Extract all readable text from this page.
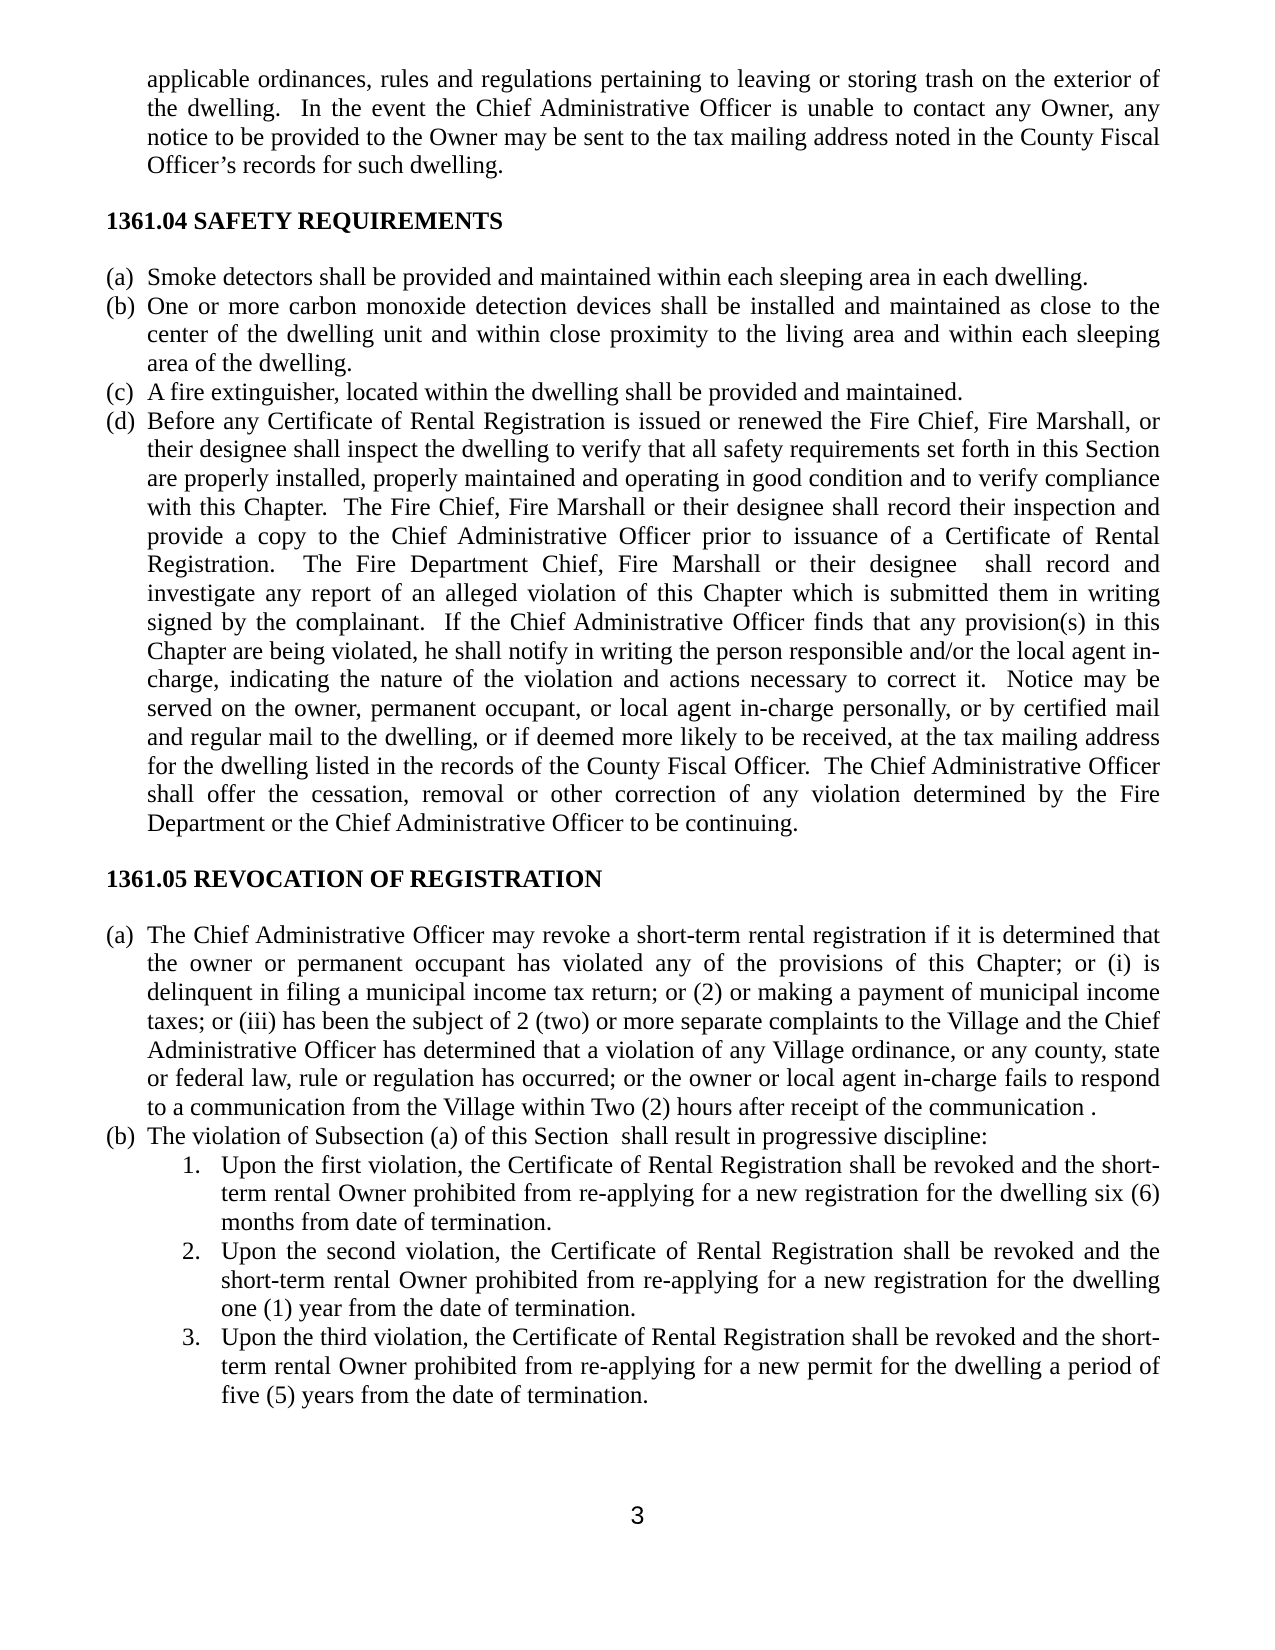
applicable ordinances, rules and regulations pertaining to leaving or storing trash on the exterior of the dwelling.  In the event the Chief Administrative Officer is unable to contact any Owner, any notice to be provided to the Owner may be sent to the tax mailing address noted in the County Fiscal Officer’s records for such dwelling.

1361.04 SAFETY REQUIREMENTS
(a) Smoke detectors shall be provided and maintained within each sleeping area in each dwelling.

(b) One or more carbon monoxide detection devices shall be installed and maintained as close to the center of the dwelling unit and within close proximity to the living area and within each sleeping area of the dwelling.

(c) A fire extinguisher, located within the dwelling shall be provided and maintained.

(d) Before any Certificate of Rental Registration is issued or renewed the Fire Chief, Fire Marshall, or their designee shall inspect the dwelling to verify that all safety requirements set forth in this Section are properly installed, properly maintained and operating in good condition and to verify compliance with this Chapter.  The Fire Chief, Fire Marshall or their designee shall record their inspection and provide a copy to the Chief Administrative Officer prior to issuance of a Certificate of Rental Registration.  The Fire Department Chief, Fire Marshall or their designee  shall record and investigate any report of an alleged violation of this Chapter which is submitted them in writing signed by the complainant.  If the Chief Administrative Officer finds that any provision(s) in this Chapter are being violated, he shall notify in writing the person responsible and/or the local agent in-charge, indicating the nature of the violation and actions necessary to correct it.  Notice may be served on the owner, permanent occupant, or local agent in-charge personally, or by certified mail and regular mail to the dwelling, or if deemed more likely to be received, at the tax mailing address for the dwelling listed in the records of the County Fiscal Officer.  The Chief Administrative Officer shall offer the cessation, removal or other correction of any violation determined by the Fire Department or the Chief Administrative Officer to be continuing.

1361.05 REVOCATION OF REGISTRATION
(a) The Chief Administrative Officer may revoke a short-term rental registration if it is determined that the owner or permanent occupant has violated any of the provisions of this Chapter; or (i) is delinquent in filing a municipal income tax return; or (2) or making a payment of municipal income taxes; or (iii) has been the subject of 2 (two) or more separate complaints to the Village and the Chief Administrative Officer has determined that a violation of any Village ordinance, or any county, state or federal law, rule or regulation has occurred; or the owner or local agent in-charge fails to respond to a communication from the Village within Two (2) hours after receipt of the communication .

(b) The violation of Subsection (a) of this Section  shall result in progressive discipline:

1. Upon the first violation, the Certificate of Rental Registration shall be revoked and the short-term rental Owner prohibited from re-applying for a new registration for the dwelling six (6) months from date of termination.

2. Upon the second violation, the Certificate of Rental Registration shall be revoked and the short-term rental Owner prohibited from re-applying for a new registration for the dwelling one (1) year from the date of termination.

3. Upon the third violation, the Certificate of Rental Registration shall be revoked and the short-term rental Owner prohibited from re-applying for a new permit for the dwelling a period of five (5) years from the date of termination.

3
